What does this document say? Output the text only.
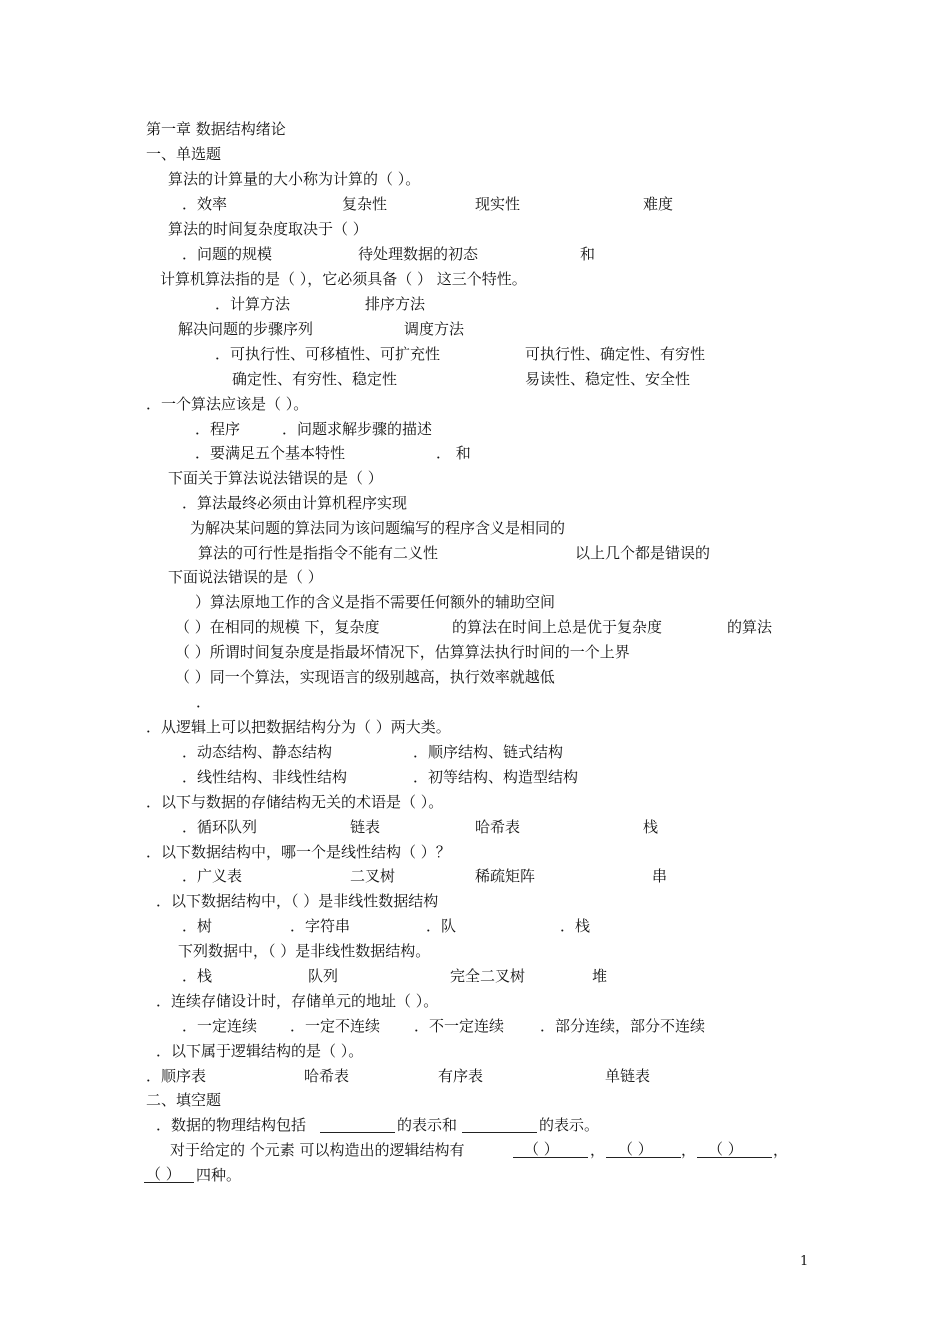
第一章 数据结构绪论
一、单选题
算法的计算量的大小称为计算的（ ）。
．效率	复杂性	现实性	难度
算法的时间复杂度取决于（ ）
．问题的规模	待处理数据的初态	和
计算机算法指的是（ ），它必须具备（ ） 这三个特性。
．计算方法	排序方法
解决问题的步骤序列	调度方法
．可执行性、可移植性、可扩充性	可执行性、确定性、有穷性
确定性、有穷性、稳定性	易读性、稳定性、安全性
．一个算法应该是（ ）。
．程序	．问题求解步骤的描述
．要满足五个基本特性	． 和
下面关于算法说法错误的是（ ）
．算法最终必须由计算机程序实现
为解决某问题的算法同为该问题编写的程序含义是相同的
算法的可行性是指指令不能有二义性	以上几个都是错误的
下面说法错误的是（ ）
）算法原地工作的含义是指不需要任何额外的辅助空间
（ ）在相同的规模 下，复杂度	的算法在时间上总是优于复杂度	的算法
（ ）所谓时间复杂度是指最坏情况下，估算算法执行时间的一个上界
（ ）同一个算法，实现语言的级别越高，执行效率就越低
．
．从逻辑上可以把数据结构分为（ ）两大类。
．动态结构、静态结构	．顺序结构、链式结构
．线性结构、非线性结构	．初等结构、构造型结构
．以下与数据的存储结构无关的术语是（ ）。
．循环队列	链表	哈希表	栈
．以下数据结构中，哪一个是线性结构（ ）？
．广义表	二叉树	稀疏矩阵	串
．以下数据结构中，（ ）是非线性数据结构
．树	．字符串	．队	．栈
下列数据中，（ ）是非线性数据结构。
．栈	队列	完全二叉树	堆
．连续存储设计时，存储单元的地址（ ）。
．一定连续 ．一定不连续 ．不一定连续 ．部分连续，部分不连续
．以下属于逻辑结构的是（ ）。
．顺序表	哈希表	有序表	单链表
二、填空题
．数据的物理结构包括	的表示和	的表示。
对于给定的 个元素 可以构造出的逻辑结构有	（ ） ， （ ） ， （ ） ，
（ ） 四种。
1
